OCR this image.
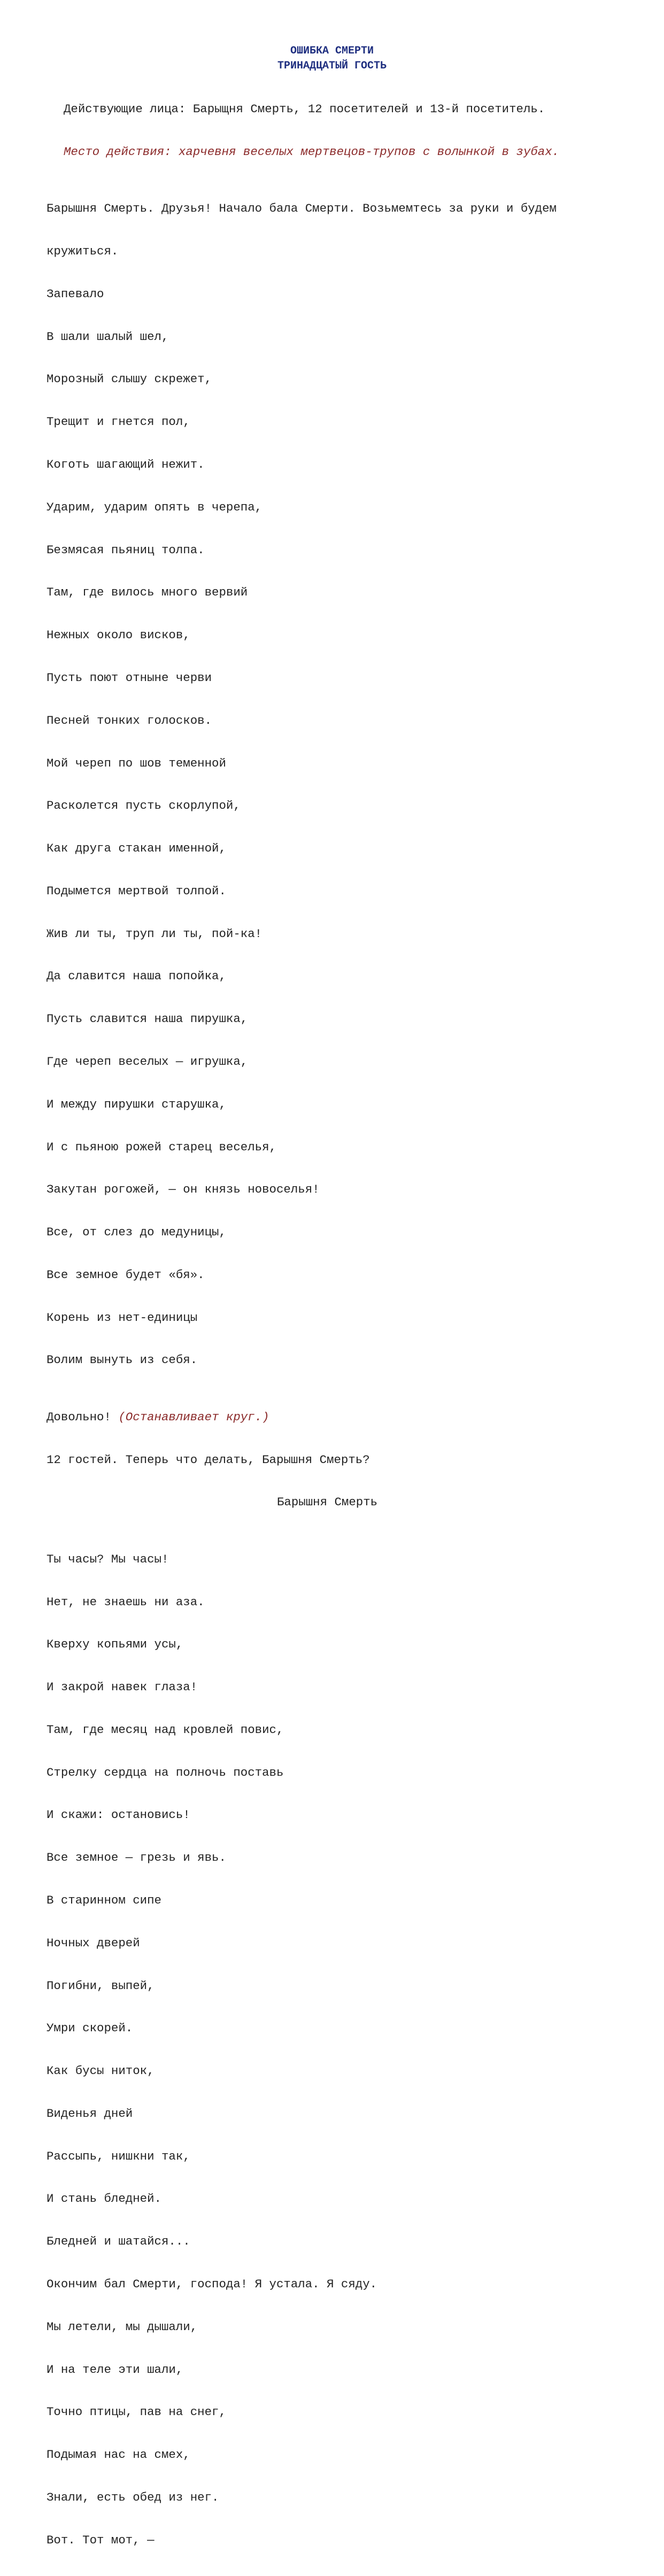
ОШИБКА СМЕРТИ
ТРИНАДЦАТЫЙ ГОСТЬ

Действующие лица: Барыщня Смерть, 12 посетителей и 13-й посетитель.

Место действия: харчевня веселых мертвецов-трупов с волынкой в зубах.

Барышня Смерть. Друзья! Начало бала Смерти. Возьмемтесь за руки и будем

кружиться.

Запевало

В шали шалый шел,

Морозный слышу скрежет,

Трещит и гнется пол,

Коготь шагающий нежит.

Ударим, ударим опять в черепа,

Безмясая пьяниц толпа.

Там, где вилось много вервий

Нежных около висков,

Пусть поют отныне черви

Песней тонких голосков.

Мой череп по шов теменной

Расколется пусть скорлупой,

Как друга стакан именной,

Подымется мертвой толпой.

Жив ли ты, труп ли ты, пой-ка!

Да славится наша попойка,

Пусть славится наша пирушка,

Где череп веселых — игрушка,

И между пирушки старушка,

И с пьяною рожей старец веселья,

Закутан рогожей, — он князь новоселья!

Все, от слез до медуницы,

Все земное будет «бя».

Корень из нет-единицы

Волим вынуть из себя.

Довольно! (Останавливает круг.)

12 гостей. Теперь что делать, Барышня Смерть?

Барышня Смерть

Ты часы? Мы часы!

Нет, не знаешь ни аза.

Кверху копьями усы,

И закрой навек глаза!

Там, где месяц над кровлей повис,

Стрелку сердца на полночь поставь

И скажи: остановись!

Все земное — грезь и явь.

В старинном сипе

Ночных дверей

Погибни, выпей,

Умри скорей.

Как бусы ниток,

Виденья дней

Рассыпь, нишкни так,

И стань бледней.

Бледней и шатайся...

Окончим бал Смерти, господа! Я устала. Я сяду.

Мы летели, мы дышали,

И на теле эти шали,

Точно птицы, пав на снег,

Подымая нас на смех,

Знали, есть обед из нег.

Вот. Тот мот, —
